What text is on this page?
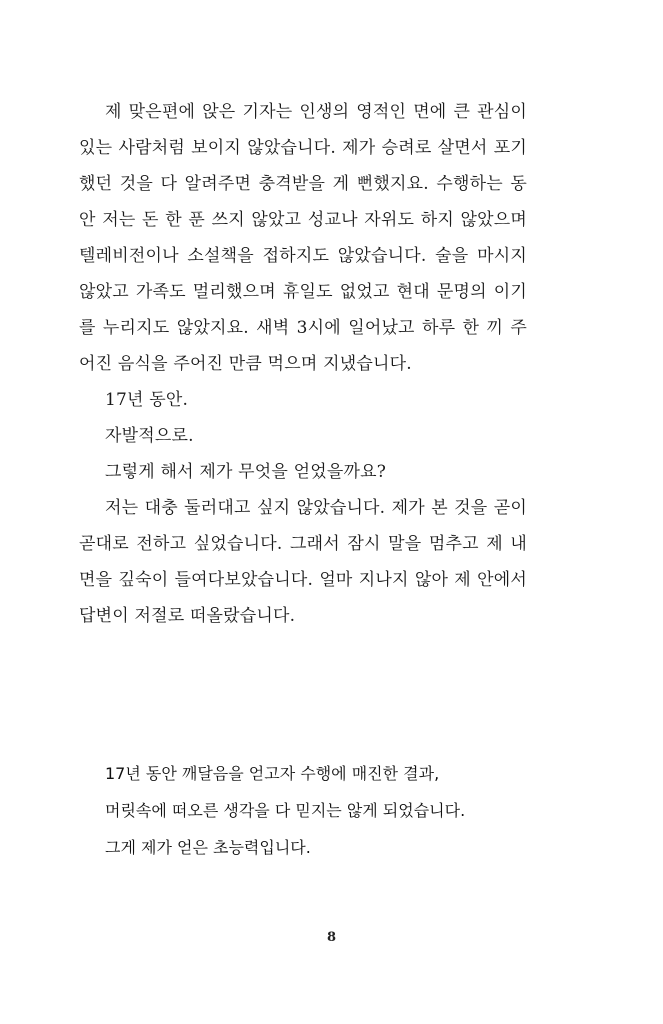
제 맞은편에 앉은 기자는 인생의 영적인 면에 큰 관심이 있는 사람처럼 보이지 않았습니다. 제가 승려로 살면서 포기했던 것을 다 알려주면 충격받을 게 뻔했지요. 수행하는 동안 저는 돈 한 푼 쓰지 않았고 성교나 자위도 하지 않았으며 텔레비전이나 소설책을 접하지도 않았습니다. 술을 마시지 않았고 가족도 멀리했으며 휴일도 없었고 현대 문명의 이기를 누리지도 않았지요. 새벽 3시에 일어났고 하루 한 끼 주어진 음식을 주어진 만큼 먹으며 지냈습니다.

17년 동안.

자발적으로.

그렇게 해서 제가 무엇을 얻었을까요?

저는 대충 둘러대고 싶지 않았습니다. 제가 본 것을 곧이곧대로 전하고 싶었습니다. 그래서 잠시 말을 멈추고 제 내면을 깊숙이 들여다보았습니다. 얼마 지나지 않아 제 안에서 답변이 저절로 떠올랐습니다.

17년 동안 깨달음을 얻고자 수행에 매진한 결과,

머릿속에 떠오른 생각을 다 믿지는 않게 되었습니다.

그게 제가 얻은 초능력입니다.

8
